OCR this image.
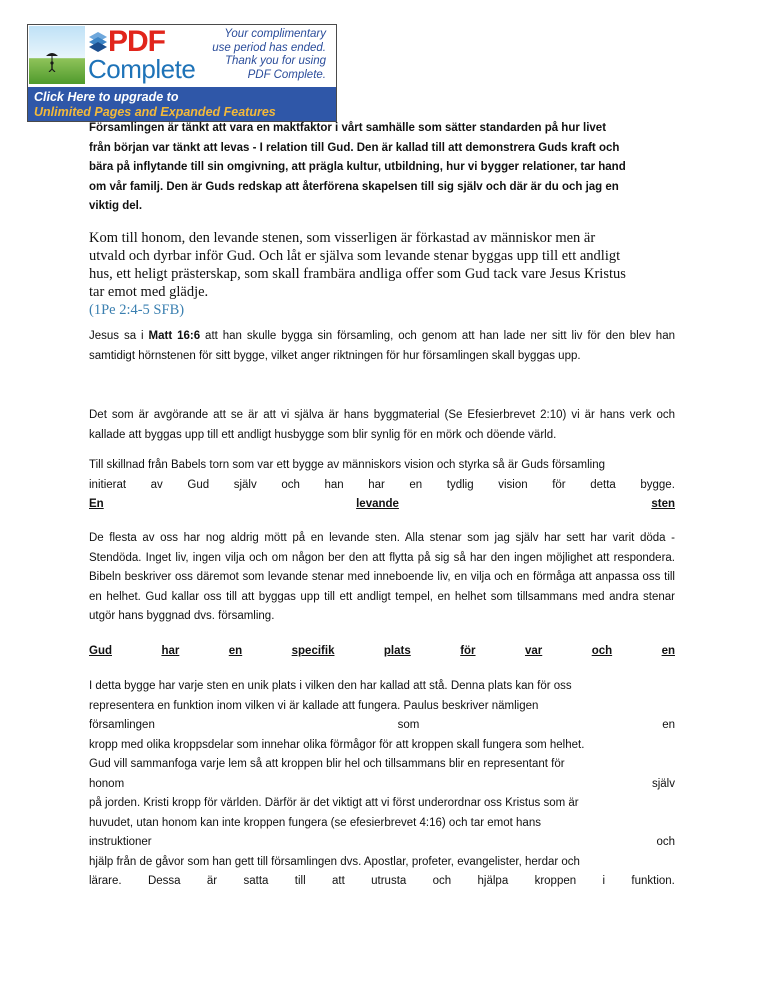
PDF
Complete
Your complimentary
use period has ended.
Thank you for using
PDF Complete.
Click Here to upgrade to
Unlimited Pages and Expanded Features
Församlingen är tänkt att vara en maktfaktor i vårt samhälle som sätter standarden på hur livet
från början var tänkt att levas - I relation till Gud. Den är kallad till att demonstrera Guds kraft och
bära på inflytande till sin omgivning, att prägla kultur, utbildning, hur vi bygger relationer, tar hand
om vår familj. Den är Guds redskap att återförena skapelsen till sig själv och där är du och jag en
viktig del.
Kom till honom, den levande stenen, som visserligen är förkastad av människor men är
utvald och dyrbar inför Gud. Och låt er själva som levande stenar byggas upp till ett andligt
hus, ett heligt prästerskap, som skall frambära andliga offer som Gud tack vare Jesus Kristus
tar emot med glädje.
(1Pe 2:4-5 SFB)
Jesus sa i Matt 16:6 att han skulle bygga sin församling, och genom att han lade ner sitt liv för den blev han samtidigt hörnstenen för sitt bygge, vilket anger riktningen för hur församlingen skall byggas upp.
Det som är avgörande att se är att vi själva är hans byggmaterial (Se Efesierbrevet 2:10) vi är hans verk och kallade att byggas upp till ett andligt husbygge som blir synlig för en mörk och döende värld.
Till skillnad från Babels torn som var ett bygge av människors vision och styrka så är Guds församling
initierat av Gud själv och han har en tydlig vision för detta bygge.
En	levande	sten
De flesta av oss har nog aldrig mött på en levande sten. Alla stenar som jag själv har sett har varit döda - Stendöda. Inget liv, ingen vilja och om någon ber den att flytta på sig så har den ingen möjlighet att respondera. Bibeln beskriver oss däremot som levande stenar med inneboende liv, en vilja och en förmåga att anpassa oss till en helhet. Gud kallar oss till att byggas upp till ett andligt tempel, en helhet som tillsammans med andra stenar utgör hans byggnad dvs. församling.
Gud	har	en	specifik	plats	för	var	och	en
I detta bygge har varje sten en unik plats i vilken den har kallad att stå. Denna plats kan för oss
representera en funktion inom vilken vi är kallade att fungera. Paulus beskriver nämligen
församlingen	som	en
kropp med olika kroppsdelar som innehar olika förmågor för att kroppen skall fungera som helhet.
Gud vill sammanfoga varje lem så att kroppen blir hel och tillsammans blir en representant för
honom	själv
på jorden. Kristi kropp för världen. Därför är det viktigt att vi först underordnar oss Kristus som är
huvudet, utan honom kan inte kroppen fungera (se efesierbrevet 4:16) och tar emot hans
instruktioner	och
hjälp från de gåvor som han gett till församlingen dvs. Apostlar, profeter, evangelister, herdar och
lärare. Dessa är satta till att utrusta och hjälpa kroppen i funktion.
